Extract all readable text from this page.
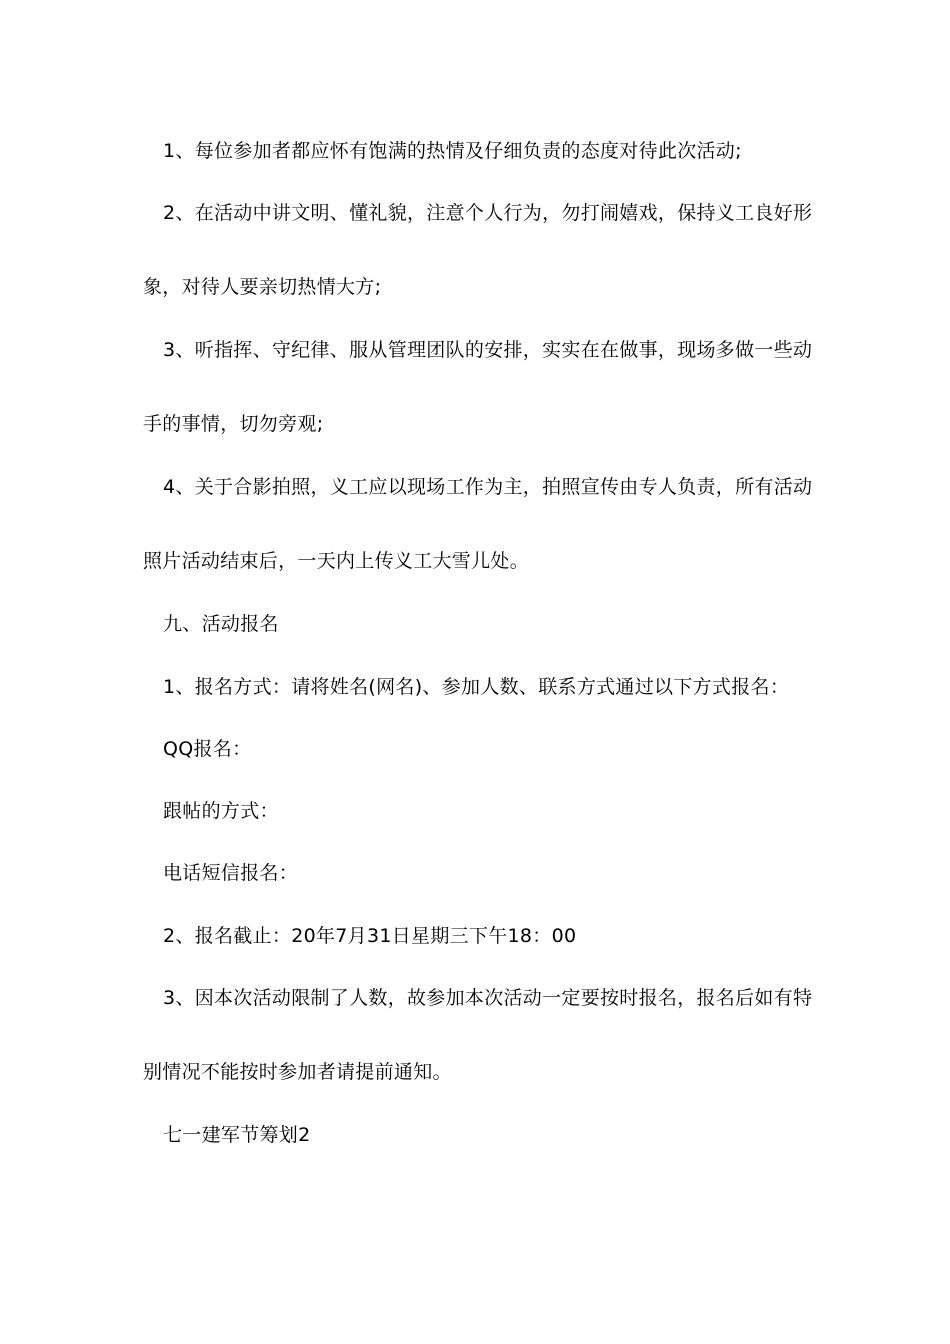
1、每位参加者都应怀有饱满的热情及仔细负责的态度对待此次活动;
2、在活动中讲文明、懂礼貌，注意个人行为，勿打闹嬉戏，保持义工良好形
象，对待人要亲切热情大方;
3、听指挥、守纪律、服从管理团队的安排，实实在在做事，现场多做一些动
手的事情，切勿旁观;
4、关于合影拍照，义工应以现场工作为主，拍照宣传由专人负责，所有活动
照片活动结束后，一天内上传义工大雪儿处。
九、活动报名
1、报名方式：请将姓名(网名)、参加人数、联系方式通过以下方式报名：
QQ报名：
跟帖的方式：
电话短信报名：
2、报名截止：20年7月31日星期三下午18：00
3、因本次活动限制了人数，故参加本次活动一定要按时报名，报名后如有特
别情况不能按时参加者请提前通知。
七一建军节筹划2
